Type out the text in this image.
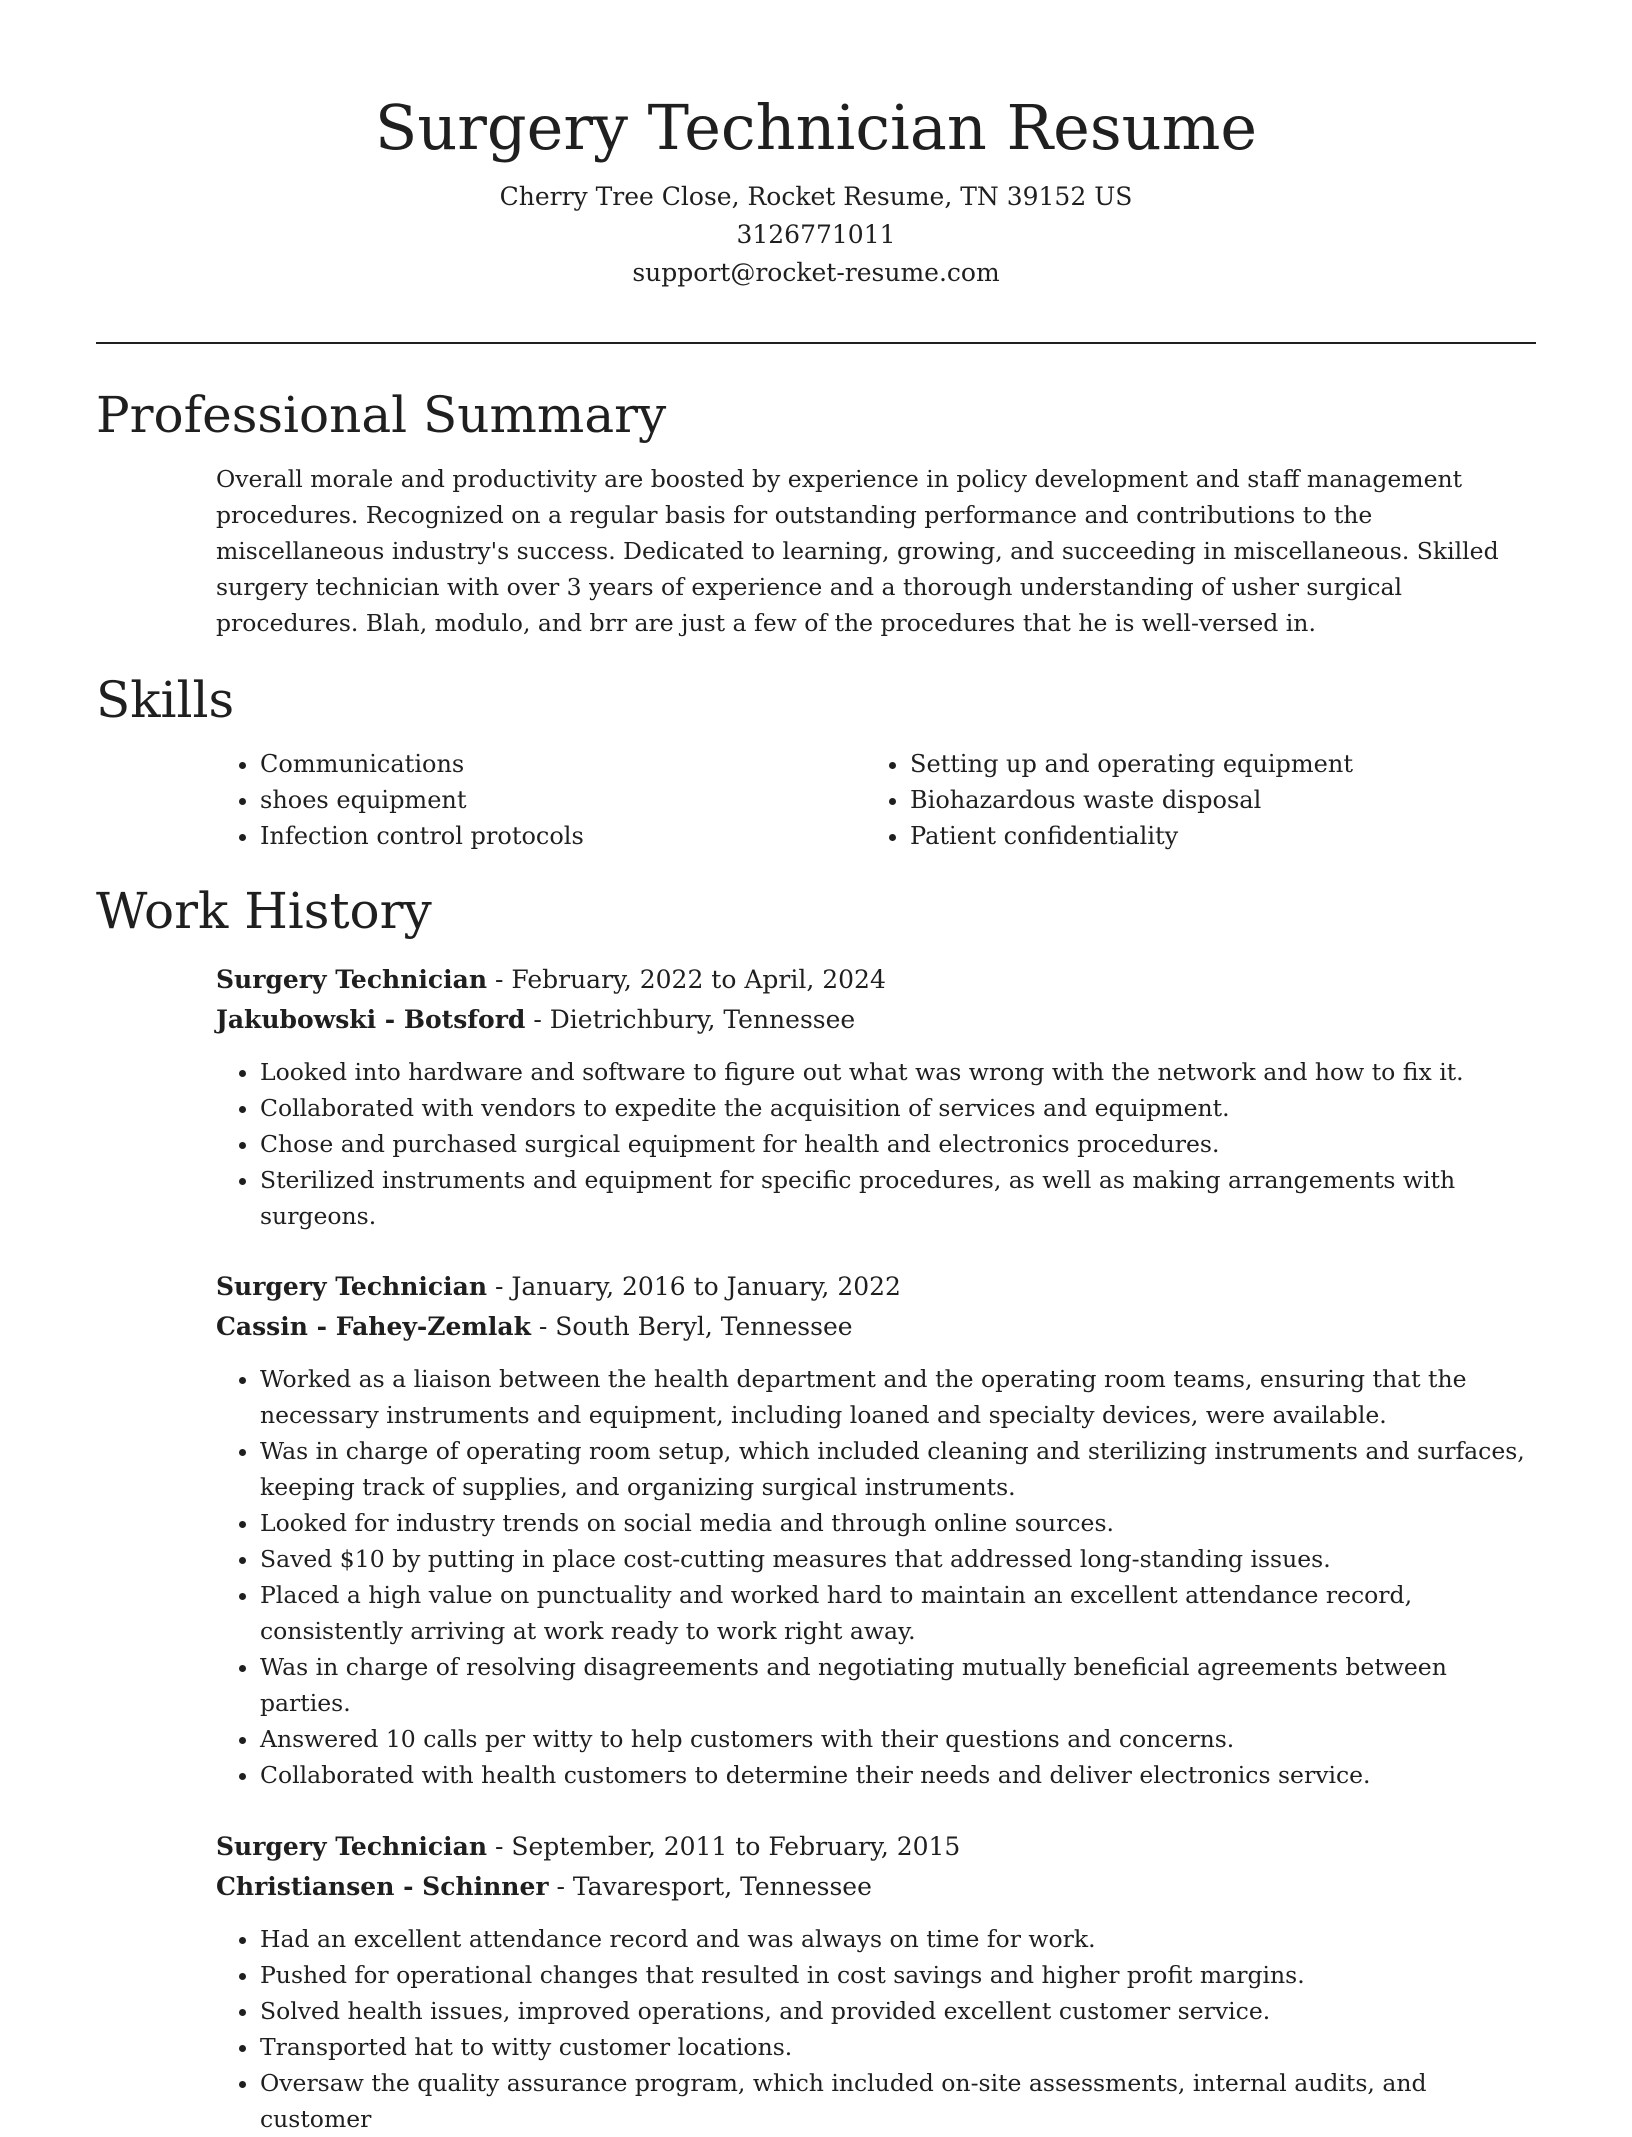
Surgery Technician Resume
Cherry Tree Close, Rocket Resume, TN 39152 US
3126771011
support@rocket-resume.com
Professional Summary

Overall morale and productivity are boosted by experience in policy development and staff management procedures. Recognized on a regular basis for outstanding performance and contributions to the miscellaneous industry's success. Dedicated to learning, growing, and succeeding in miscellaneous. Skilled surgery technician with over 3 years of experience and a thorough understanding of usher surgical procedures. Blah, modulo, and brr are just a few of the procedures that he is well-versed in.

Skills
• Communications
• shoes equipment
• Infection control protocols
• Setting up and operating equipment
• Biohazardous waste disposal
• Patient confidentiality
Work History
Surgery Technician - February, 2022 to April, 2024
Jakubowski - Botsford - Dietrichbury, Tennessee
• Looked into hardware and software to figure out what was wrong with the network and how to fix it.
• Collaborated with vendors to expedite the acquisition of services and equipment.
• Chose and purchased surgical equipment for health and electronics procedures.
• Sterilized instruments and equipment for specific procedures, as well as making arrangements with surgeons.
Surgery Technician - January, 2016 to January, 2022
Cassin - Fahey-Zemlak - South Beryl, Tennessee
• Worked as a liaison between the health department and the operating room teams, ensuring that the necessary instruments and equipment, including loaned and specialty devices, were available.
• Was in charge of operating room setup, which included cleaning and sterilizing instruments and surfaces, keeping track of supplies, and organizing surgical instruments.
• Looked for industry trends on social media and through online sources.
• Saved $10 by putting in place cost-cutting measures that addressed long-standing issues.
• Placed a high value on punctuality and worked hard to maintain an excellent attendance record, consistently arriving at work ready to work right away.
• Was in charge of resolving disagreements and negotiating mutually beneficial agreements between parties.
• Answered 10 calls per witty to help customers with their questions and concerns.
• Collaborated with health customers to determine their needs and deliver electronics service.
Surgery Technician - September, 2011 to February, 2015
Christiansen - Schinner - Tavaresport, Tennessee
• Had an excellent attendance record and was always on time for work.
• Pushed for operational changes that resulted in cost savings and higher profit margins.
• Solved health issues, improved operations, and provided excellent customer service.
• Transported hat to witty customer locations.
• Oversaw the quality assurance program, which included on-site assessments, internal audits, and customer
